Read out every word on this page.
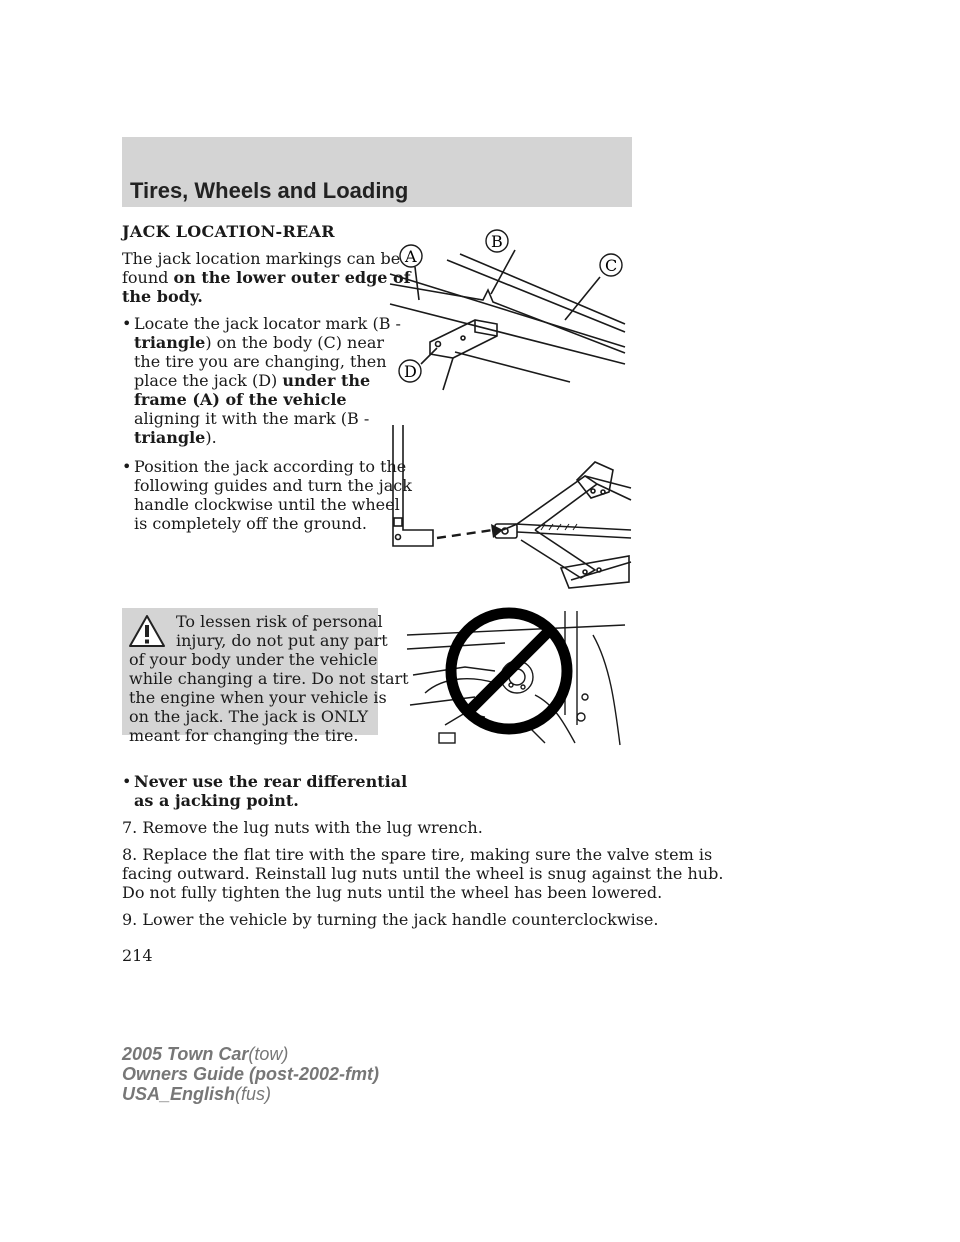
Tires, Wheels and Loading
JACK LOCATION-REAR
The jack location markings can be
found on the lower outer edge of
the body.
• Locate the jack locator mark (B -
triangle) on the body (C) near
the tire you are changing, then
place the jack (D) under the
frame (A) of the vehicle
aligning it with the mark (B -
triangle).
• Position the jack according to the
following guides and turn the jack
handle clockwise until the wheel
is completely off the ground.
To lessen risk of personal
injury, do not put any part
of your body under the vehicle
while changing a tire. Do not start
the engine when your vehicle is
on the jack. The jack is ONLY
meant for changing the tire.
• Never use the rear differential
as a jacking point.
7. Remove the lug nuts with the lug wrench.
8. Replace the flat tire with the spare tire, making sure the valve stem is
facing outward. Reinstall lug nuts until the wheel is snug against the hub.
Do not fully tighten the lug nuts until the wheel has been lowered.
9. Lower the vehicle by turning the jack handle counterclockwise.
214
2005 Town Car(tow)
Owners Guide (post-2002-fmt)
USA_English(fus)
A
B
C
D
